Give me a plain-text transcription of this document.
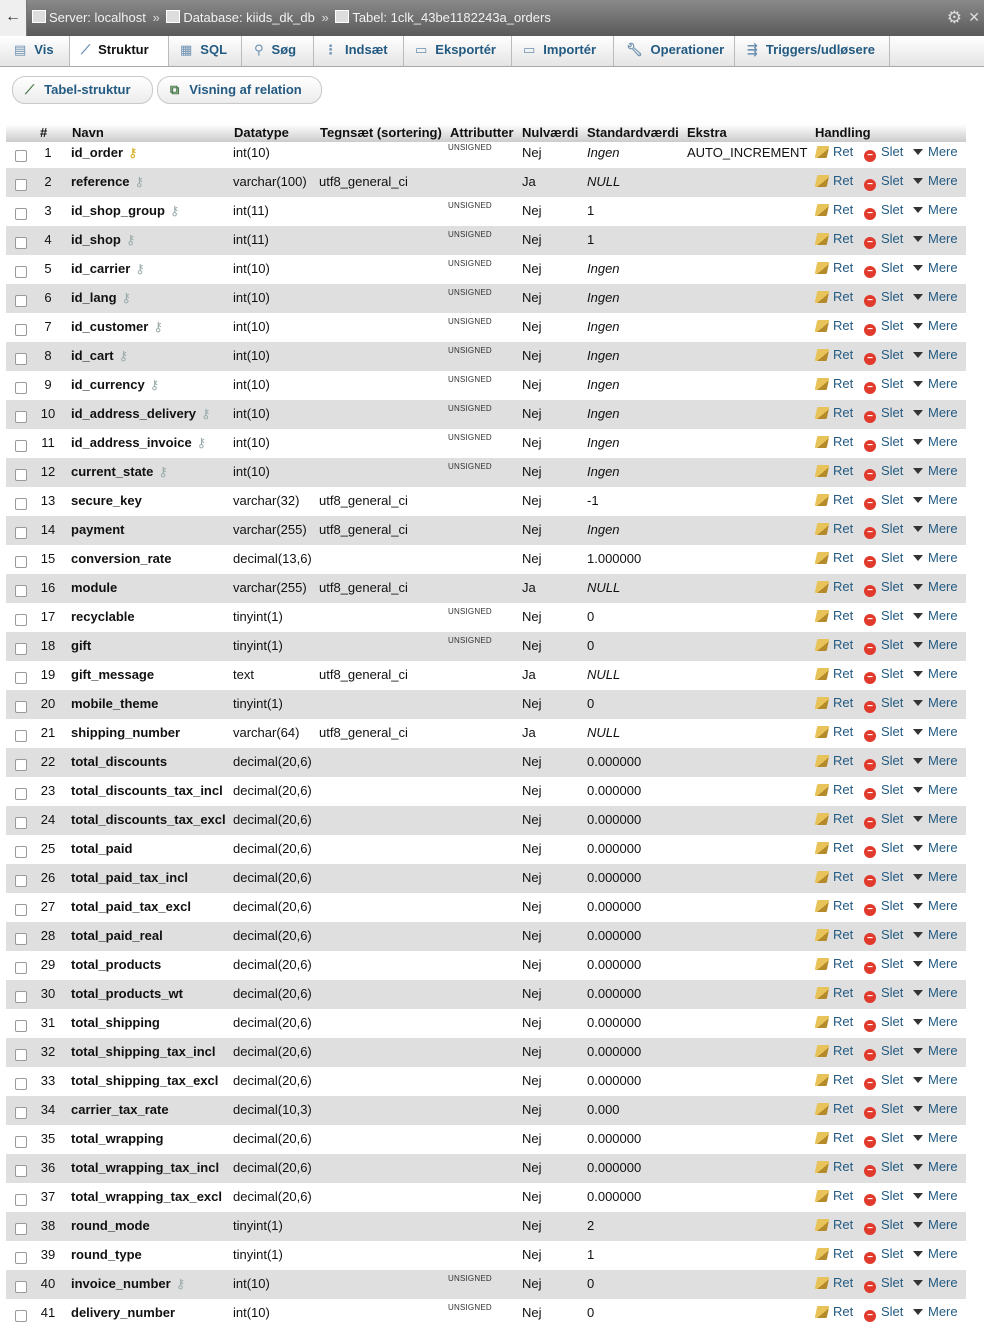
←	Server: localhost » Database: kiids_dk_db » Tabel: 1clk_43be1182243a_orders	⚙ ✕
▤ Vis	⟋ Struktur	▦ SQL	⚲ Søg	⋮ Indsæt	▭ Eksportér	▭ Importér	🔧︎ Operationer	⇶ Triggers/udløsere
⟋ Tabel-struktur	⧉ Visning af relation
# Navn	Datatype Tegnsæt (sortering) Attributter Nulværdi Standardværdi Ekstra	Handling
1	id_order ⚷	int(10)	UNSIGNED Nej	Ingen	AUTO_INCREMENT	Ret	− Slet	Mere
2	reference ⚷	varchar(100) utf8_general_ci	Ja	NULL	Ret	− Slet	Mere
3	id_shop_group ⚷	int(11)	UNSIGNED Nej	1	Ret	− Slet	Mere
4	id_shop ⚷	int(11)	UNSIGNED Nej	1	Ret	− Slet	Mere
5	id_carrier ⚷	int(10)	UNSIGNED Nej	Ingen	Ret	− Slet	Mere
6	id_lang ⚷	int(10)	UNSIGNED Nej	Ingen	Ret	− Slet	Mere
7	id_customer ⚷	int(10)	UNSIGNED Nej	Ingen	Ret	− Slet	Mere
8	id_cart ⚷	int(10)	UNSIGNED Nej	Ingen	Ret	− Slet	Mere
9	id_currency ⚷	int(10)	UNSIGNED Nej	Ingen	Ret	− Slet	Mere
10	id_address_delivery ⚷ int(10)	UNSIGNED Nej	Ingen	Ret	− Slet	Mere
11	id_address_invoice ⚷ int(10)	UNSIGNED Nej	Ingen	Ret	− Slet	Mere
12	current_state ⚷	int(10)	UNSIGNED Nej	Ingen	Ret	− Slet	Mere
13	secure_key	varchar(32) utf8_general_ci	Nej	-1	Ret	− Slet	Mere
14	payment	varchar(255) utf8_general_ci	Nej	Ingen	Ret	− Slet	Mere
15	conversion_rate	decimal(13,6)	Nej	1.000000	Ret	− Slet	Mere
16	module	varchar(255) utf8_general_ci	Ja	NULL	Ret	− Slet	Mere
17	recyclable	tinyint(1)	UNSIGNED Nej	0	Ret	− Slet	Mere
18	gift	tinyint(1)	UNSIGNED Nej	0	Ret	− Slet	Mere
19	gift_message	text	utf8_general_ci	Ja	NULL	Ret	− Slet	Mere
20	mobile_theme	tinyint(1)	Nej	0	Ret	− Slet	Mere
21	shipping_number	varchar(64) utf8_general_ci	Ja	NULL	Ret	− Slet	Mere
22	total_discounts	decimal(20,6)	Nej	0.000000	Ret	− Slet	Mere
23	total_discounts_tax_incl decimal(20,6)	Nej	0.000000	Ret	− Slet	Mere
24	total_discounts_tax_excl decimal(20,6)	Nej	0.000000	Ret	− Slet	Mere
25	total_paid	decimal(20,6)	Nej	0.000000	Ret	− Slet	Mere
26	total_paid_tax_incl	decimal(20,6)	Nej	0.000000	Ret	− Slet	Mere
27	total_paid_tax_excl	decimal(20,6)	Nej	0.000000	Ret	− Slet	Mere
28	total_paid_real	decimal(20,6)	Nej	0.000000	Ret	− Slet	Mere
29	total_products	decimal(20,6)	Nej	0.000000	Ret	− Slet	Mere
30	total_products_wt	decimal(20,6)	Nej	0.000000	Ret	− Slet	Mere
31	total_shipping	decimal(20,6)	Nej	0.000000	Ret	− Slet	Mere
32	total_shipping_tax_incl decimal(20,6)	Nej	0.000000	Ret	− Slet	Mere
33	total_shipping_tax_excl decimal(20,6)	Nej	0.000000	Ret	− Slet	Mere
34	carrier_tax_rate	decimal(10,3)	Nej	0.000	Ret	− Slet	Mere
35	total_wrapping	decimal(20,6)	Nej	0.000000	Ret	− Slet	Mere
36	total_wrapping_tax_incl decimal(20,6)	Nej	0.000000	Ret	− Slet	Mere
37	total_wrapping_tax_excl decimal(20,6)	Nej	0.000000	Ret	− Slet	Mere
38	round_mode	tinyint(1)	Nej	2	Ret	− Slet	Mere
39	round_type	tinyint(1)	Nej	1	Ret	− Slet	Mere
40	invoice_number ⚷	int(10)	UNSIGNED Nej	0	Ret	− Slet	Mere
41	delivery_number	int(10)	UNSIGNED Nej	0	Ret	− Slet	Mere
